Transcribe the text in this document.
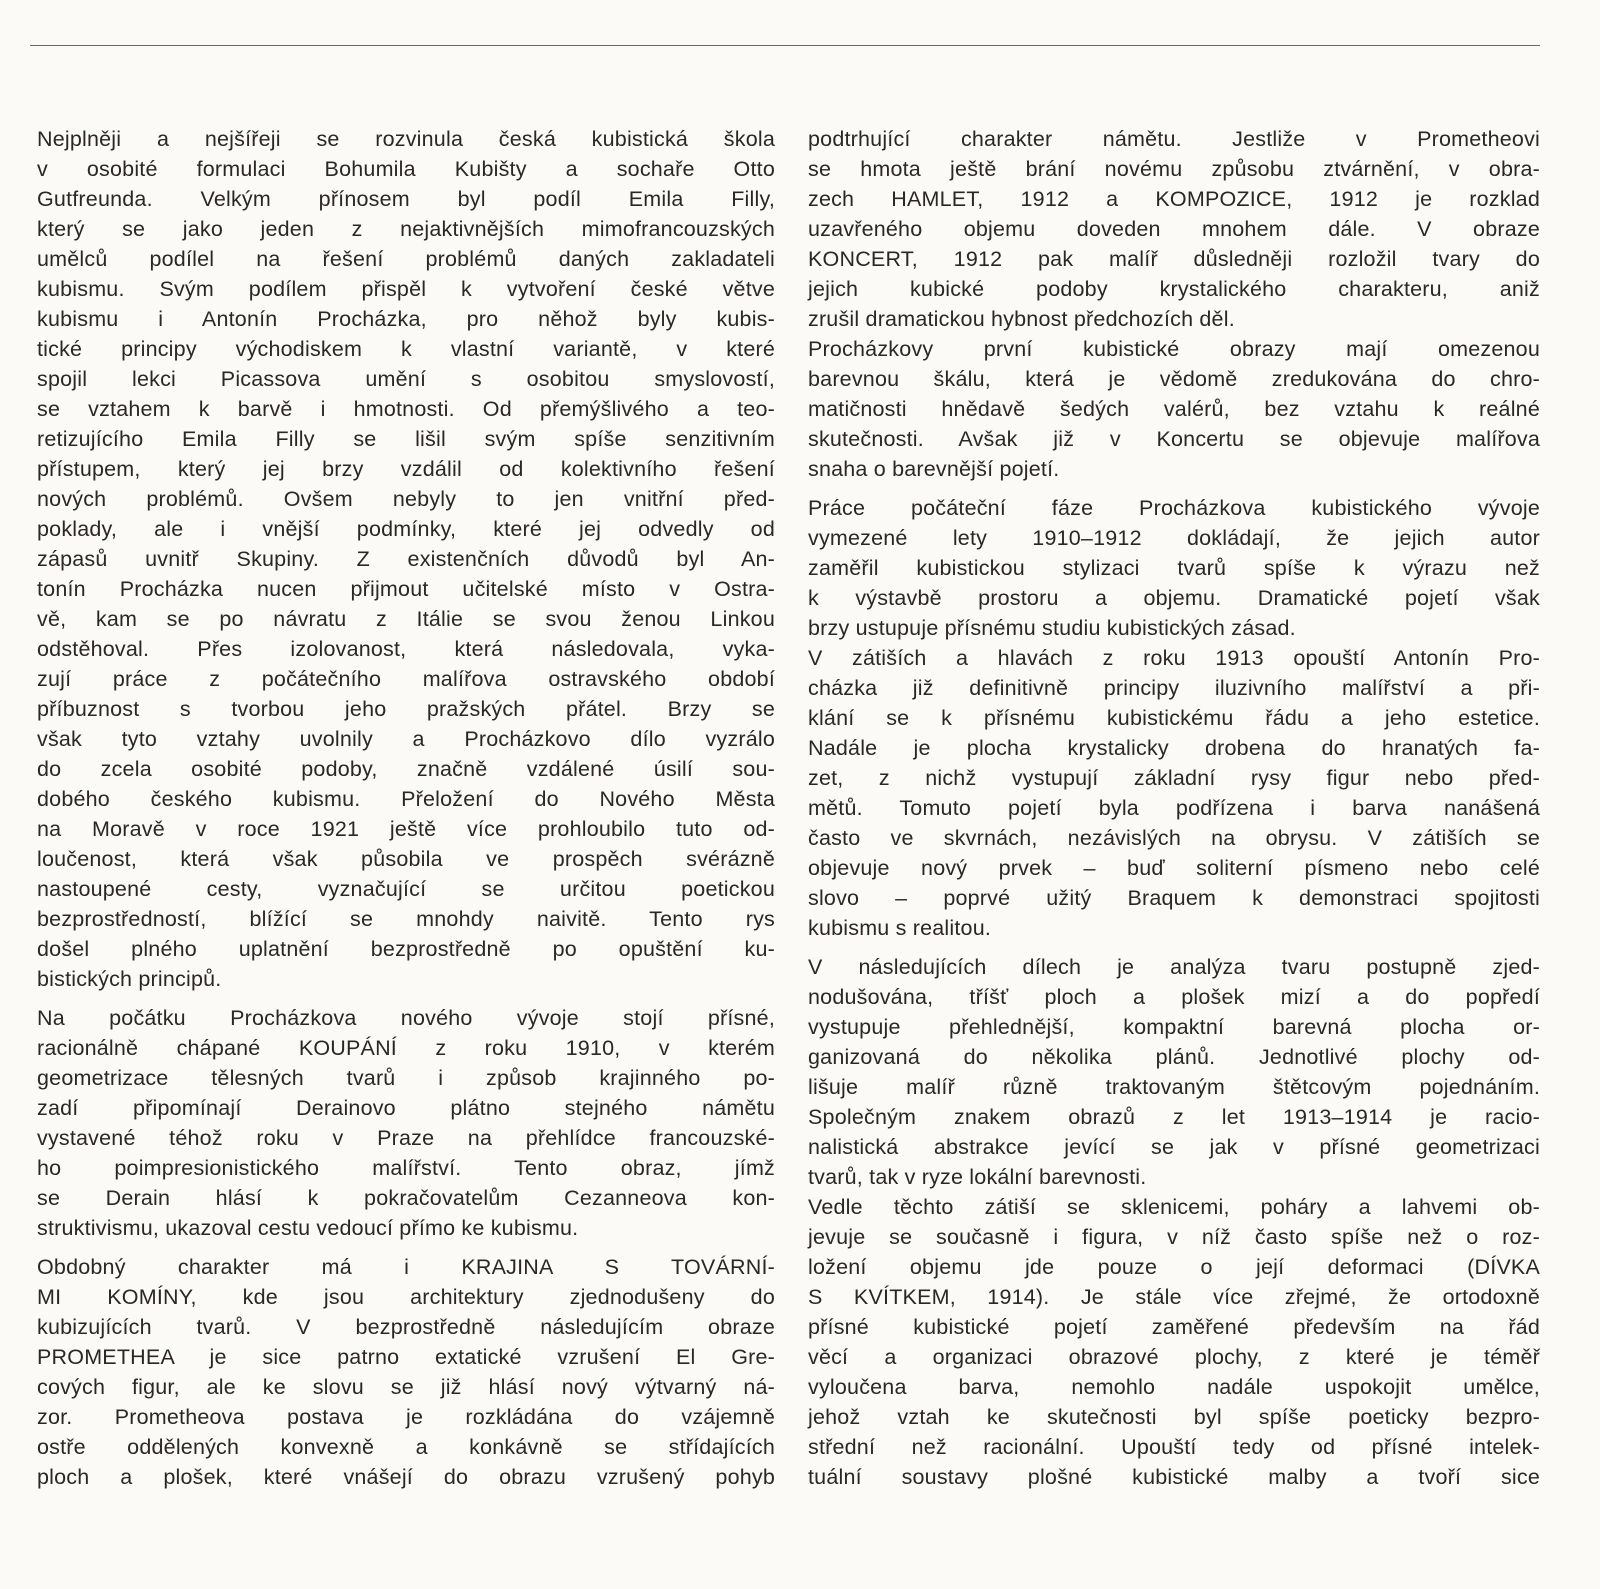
Nejplněji a nejšířeji se rozvinula česká kubistická škola
v osobité formulaci Bohumila Kubišty a sochaře Otto
Gutfreunda. Velkým přínosem byl podíl Emila Filly,
který se jako jeden z nejaktivnějších mimofrancouzských
umělců podílel na řešení problémů daných zakladateli
kubismu. Svým podílem přispěl k vytvoření české větve
kubismu i Antonín Procházka, pro něhož byly kubis-
tické principy východiskem k vlastní variantě, v které
spojil lekci Picassova umění s osobitou smyslovostí,
se vztahem k barvě i hmotnosti. Od přemýšlivého a teo-
retizujícího Emila Filly se lišil svým spíše senzitivním
přístupem, který jej brzy vzdálil od kolektivního řešení
nových problémů. Ovšem nebyly to jen vnitřní před-
poklady, ale i vnější podmínky, které jej odvedly od
zápasů uvnitř Skupiny. Z existenčních důvodů byl An-
tonín Procházka nucen přijmout učitelské místo v Ostra-
vě, kam se po návratu z Itálie se svou ženou Linkou
odstěhoval. Přes izolovanost, která následovala, vyka-
zují práce z počátečního malířova ostravského období
příbuznost s tvorbou jeho pražských přátel. Brzy se
však tyto vztahy uvolnily a Procházkovo dílo vyzrálo
do zcela osobité podoby, značně vzdálené úsilí sou-
dobého českého kubismu. Přeložení do Nového Města
na Moravě v roce 1921 ještě více prohloubilo tuto od-
loučenost, která však působila ve prospěch svérázně
nastoupené cesty, vyznačující se určitou poetickou
bezprostředností, blížící se mnohdy naivitě. Tento rys
došel plného uplatnění bezprostředně po opuštění ku-
bistických principů.
Na počátku Procházkova nového vývoje stojí přísné,
racionálně chápané KOUPÁNÍ z roku 1910, v kterém
geometrizace tělesných tvarů i způsob krajinného po-
zadí připomínají Derainovo plátno stejného námětu
vystavené téhož roku v Praze na přehlídce francouzské-
ho poimpresionistického malířství. Tento obraz, jímž
se Derain hlásí k pokračovatelům Cezanneova kon-
struktivismu, ukazoval cestu vedoucí přímo ke kubismu.
Obdobný charakter má i KRAJINA S TOVÁRNÍ-
MI KOMÍNY, kde jsou architektury zjednodušeny do
kubizujících tvarů. V bezprostředně následujícím obraze
PROMETHEA je sice patrno extatické vzrušení El Gre-
cových figur, ale ke slovu se již hlásí nový výtvarný ná-
zor. Prometheova postava je rozkládána do vzájemně
ostře oddělených konvexně a konkávně se střídajících
ploch a plošek, které vnášejí do obrazu vzrušený pohyb
podtrhující charakter námětu. Jestliže v Prometheovi
se hmota ještě brání novému způsobu ztvárnění, v obra-
zech HAMLET, 1912 a KOMPOZICE, 1912 je rozklad
uzavřeného objemu doveden mnohem dále. V obraze
KONCERT, 1912 pak malíř důsledněji rozložil tvary do
jejich kubické podoby krystalického charakteru, aniž
zrušil dramatickou hybnost předchozích děl.
Procházkovy první kubistické obrazy mají omezenou
barevnou škálu, která je vědomě zredukována do chro-
matičnosti hnědavě šedých valérů, bez vztahu k reálné
skutečnosti. Avšak již v Koncertu se objevuje malířova
snaha o barevnější pojetí.
Práce počáteční fáze Procházkova kubistického vývoje
vymezené lety 1910–1912 dokládají, že jejich autor
zaměřil kubistickou stylizaci tvarů spíše k výrazu než
k výstavbě prostoru a objemu. Dramatické pojetí však
brzy ustupuje přísnému studiu kubistických zásad.
V zátiších a hlavách z roku 1913 opouští Antonín Pro-
cházka již definitivně principy iluzivního malířství a při-
klání se k přísnému kubistickému řádu a jeho estetice.
Nadále je plocha krystalicky drobena do hranatých fa-
zet, z nichž vystupují základní rysy figur nebo před-
mětů. Tomuto pojetí byla podřízena i barva nanášená
často ve skvrnách, nezávislých na obrysu. V zátiších se
objevuje nový prvek – buď soliterní písmeno nebo celé
slovo – poprvé užitý Braquem k demonstraci spojitosti
kubismu s realitou.
V následujících dílech je analýza tvaru postupně zjed-
nodušována, tříšť ploch a plošek mizí a do popředí
vystupuje přehlednější, kompaktní barevná plocha or-
ganizovaná do několika plánů. Jednotlivé plochy od-
lišuje malíř různě traktovaným štětcovým pojednáním.
Společným znakem obrazů z let 1913–1914 je racio-
nalistická abstrakce jevící se jak v přísné geometrizaci
tvarů, tak v ryze lokální barevnosti.
Vedle těchto zátiší se sklenicemi, poháry a lahvemi ob-
jevuje se současně i figura, v níž často spíše než o roz-
ložení objemu jde pouze o její deformaci (DÍVKA
S KVÍTKEM, 1914). Je stále více zřejmé, že ortodoxně
přísné kubistické pojetí zaměřené především na řád
věcí a organizaci obrazové plochy, z které je téměř
vyloučena barva, nemohlo nadále uspokojit umělce,
jehož vztah ke skutečnosti byl spíše poeticky bezpro-
střední než racionální. Upouští tedy od přísné intelek-
tuální soustavy plošné kubistické malby a tvoří sice
